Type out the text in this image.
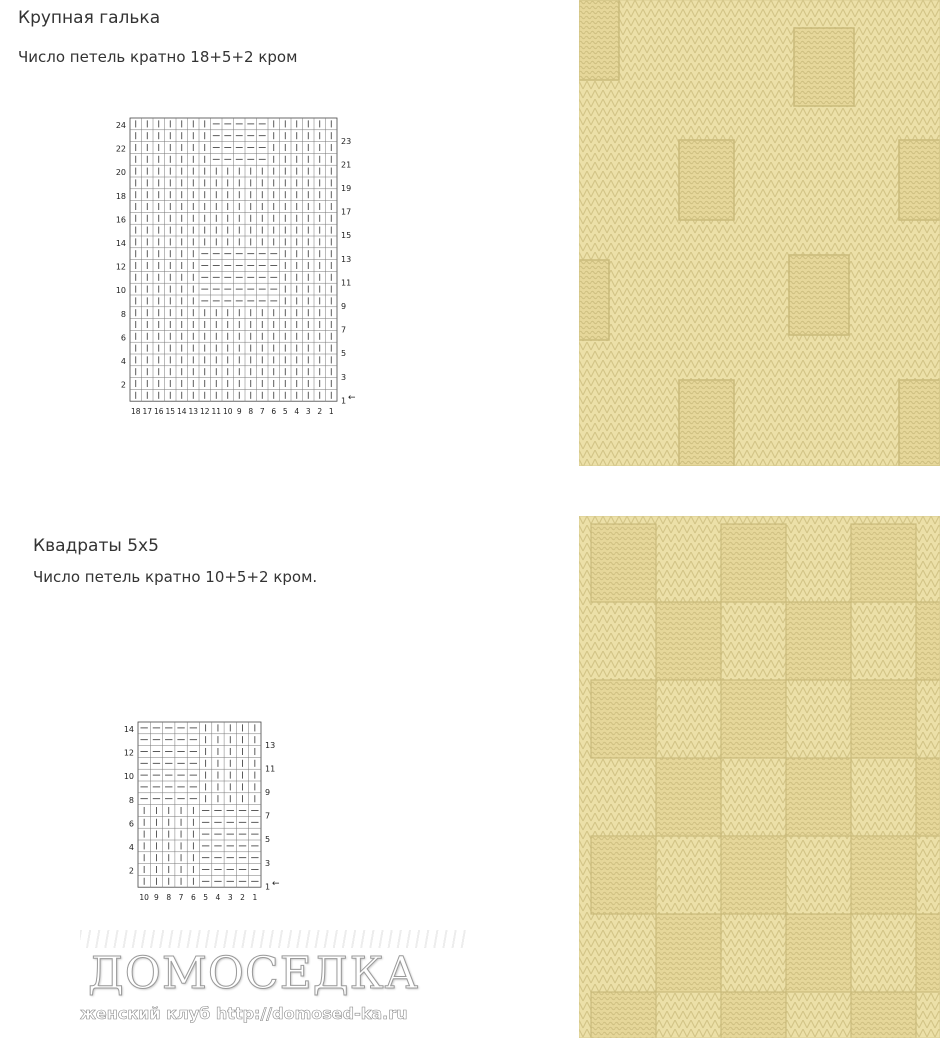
Крупная галька
Число петель кратно 18+5+2 кром
24
22
20
18
16
14
12
10
8
6
4
2
23
21
19
17
15
13
11
9
7
5
3
1
18 17 16 15 14 13 12 11 10 9 8 7 6 5 4 3 2 1
←
Квадраты 5х5
Число петель кратно 10+5+2 кром.
14
12
10
8
6
4
2
13
11
9
7
5
3
1
10 9 8 7 6 5 4 3 2 1
←
ДОМОСЕДКА
женский клуб http://domosed-ka.ru
